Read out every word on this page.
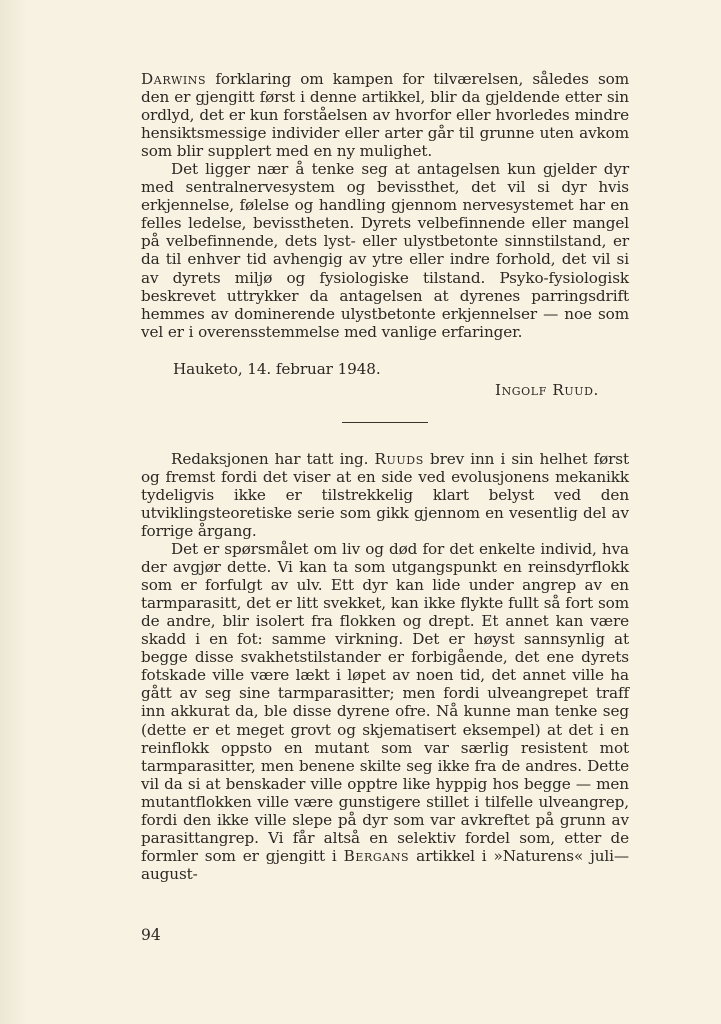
Darwins forklaring om kampen for tilværelsen, således som den er gjengitt først i denne artikkel, blir da gjeldende etter sin ordlyd, det er kun forståelsen av hvorfor eller hvorledes mindre hensiktsmessige individer eller arter går til grunne uten avkom som blir supplert med en ny mulighet.

Det ligger nær å tenke seg at antagelsen kun gjelder dyr med sentralnervesystem og bevissthet, det vil si dyr hvis erkjennelse, følelse og handling gjennom nervesystemet har en felles ledelse, bevisstheten. Dyrets velbefinnende eller mangel på velbefinnende, dets lyst- eller ulystbetonte sinnstilstand, er da til enhver tid avhengig av ytre eller indre forhold, det vil si av dyrets miljø og fysiologiske tilstand. Psyko-fysiologisk beskrevet uttrykker da antagelsen at dyrenes parringsdrift hemmes av dominerende ulystbetonte erkjennelser — noe som vel er i overensstemmelse med vanlige erfaringer.

Hauketo, 14. februar 1948.
Ingolf Ruud.

Redaksjonen har tatt ing. Ruuds brev inn i sin helhet først og fremst fordi det viser at en side ved evolusjonens mekanikk tydeligvis ikke er tilstrekkelig klart belyst ved den utviklingsteoretiske serie som gikk gjennom en vesentlig del av forrige årgang.

Det er spørsmålet om liv og død for det enkelte individ, hva der avgjør dette. Vi kan ta som utgangspunkt en reinsdyrflokk som er forfulgt av ulv. Ett dyr kan lide under angrep av en tarmparasitt, det er litt svekket, kan ikke flykte fullt så fort som de andre, blir isolert fra flokken og drept. Et annet kan være skadd i en fot: samme virkning. Det er høyst sannsynlig at begge disse svakhetstilstander er forbigående, det ene dyrets fotskade ville være lækt i løpet av noen tid, det annet ville ha gått av seg sine tarmparasitter; men fordi ulveangrepet traff inn akkurat da, ble disse dyrene ofre. Nå kunne man tenke seg (dette er et meget grovt og skjematisert eksempel) at det i en reinflokk oppsto en mutant som var særlig resistent mot tarmparasitter, men benene skilte seg ikke fra de andres. Dette vil da si at benskader ville opptre like hyppig hos begge — men mutantflokken ville være gunstigere stillet i tilfelle ulveangrep, fordi den ikke ville slepe på dyr som var avkreftet på grunn av parasittangrep. Vi får altså en selektiv fordel som, etter de formler som er gjengitt i Bergans artikkel i »Naturens« juli—august-

94
